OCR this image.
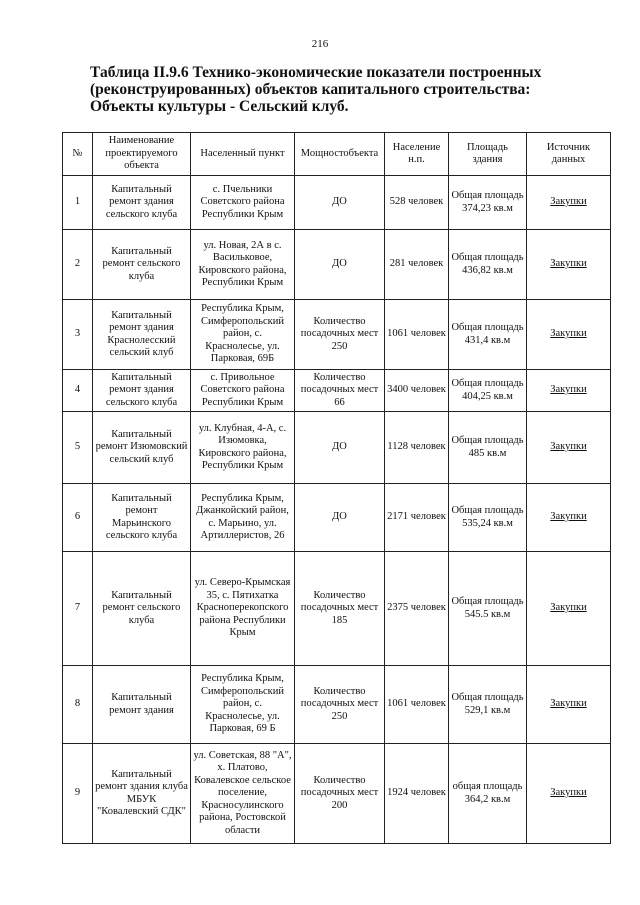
216
Таблица II.9.6 Технико-экономические показатели построенных (реконструированных) объектов капитального строительства: Объекты культуры - Сельский клуб.
№	Наименование проектируемого объекта	Населенный пункт	Мощностобъекта	Население н.п.	Площадь здания	Источник данных
1	Капитальный ремонт здания сельского клуба	с. Пчельники Советского района Республики Крым	ДО	528 человек	Общая площадь 374,23 кв.м	Закупки
2	Капитальный ремонт сельского клуба	ул. Новая, 2А в с. Васильковое, Кировского района, Республики Крым	ДО	281 человек	Общая площадь 436,82 кв.м	Закупки
3	Капитальный ремонт здания Краснолесский сельский клуб	Республика Крым, Симферопольский район, с. Краснолесье, ул. Парковая, 69Б	Количество посадочных мест 250	1061 человек	Общая площадь 431,4 кв.м	Закупки
4	Капитальный ремонт здания сельского клуба	с. Привольное Советского района Республики Крым	Количество посадочных мест 66	3400 человек	Общая площадь 404,25 кв.м	Закупки
5	Капитальный ремонт Изюмовский сельский клуб	ул. Клубная, 4-А, с. Изюмовка, Кировского района, Республики Крым	ДО	1128 человек	Общая площадь 485 кв.м	Закупки
6	Капитальный ремонт Марьинского сельского клуба	Республика Крым, Джанкойский район, с. Марьино, ул. Артиллеристов, 26	ДО	2171 человек	Общая площадь 535,24 кв.м	Закупки
7	Капитальный ремонт сельского клуба	ул. Северо-Крымская 35, с. Пятихатка Красноперекопского района Республики Крым	Количество посадочных мест 185	2375 человек	Общая площадь 545.5 кв.м	Закупки
8	Капитальный ремонт здания	Республика Крым, Симферопольский район, с. Краснолесье, ул. Парковая, 69 Б	Количество посадочных мест 250	1061 человек	Общая площадь 529,1 кв.м	Закупки
9	Капитальный ремонт здания клуба МБУК "Ковалевский СДК"	ул. Советская, 88 "А", х. Платово, Ковалевское сельское поселение, Красносулинского района, Ростовской области	Количество посадочных мест 200	1924 человек	общая площадь 364,2 кв.м	Закупки
